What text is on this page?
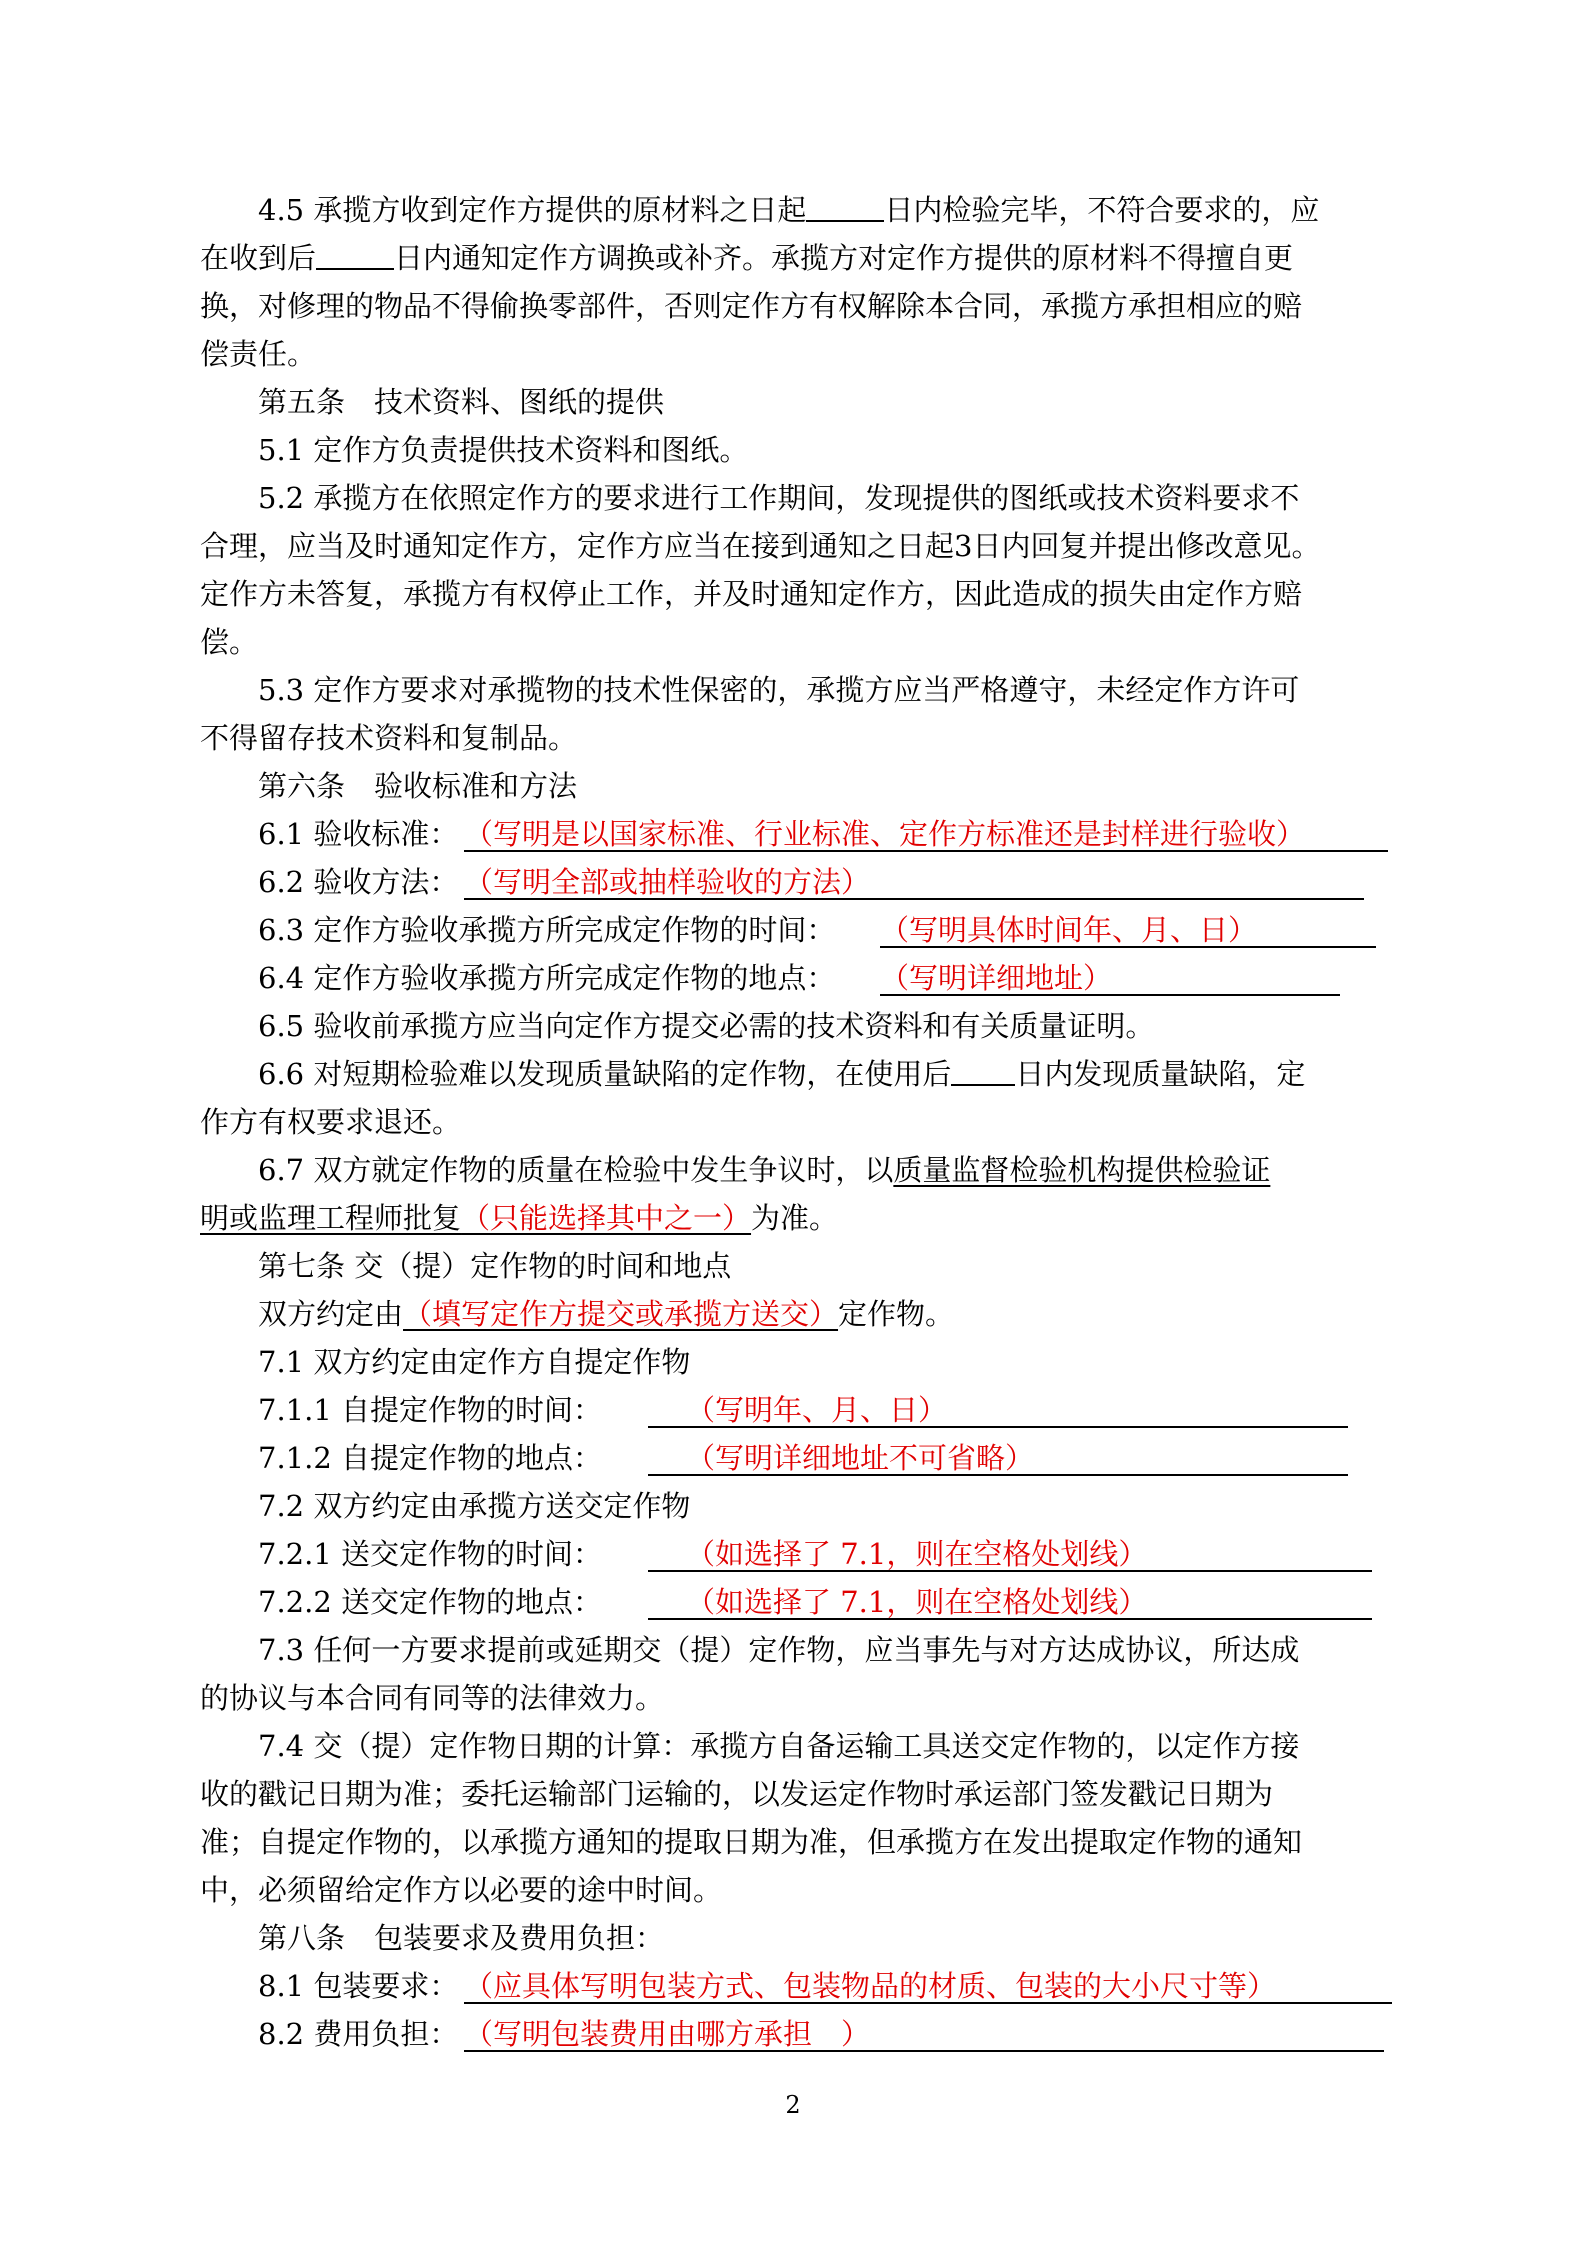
4.5 承揽方收到定作方提供的原材料之日起	日内检验完毕，不符合要求的，应
在收到后	日内通知定作方调换或补齐。承揽方对定作方提供的原材料不得擅自更
换，对修理的物品不得偷换零部件，否则定作方有权解除本合同，承揽方承担相应的赔
偿责任。
第五条　技术资料、图纸的提供
5.1 定作方负责提供技术资料和图纸。
5.2 承揽方在依照定作方的要求进行工作期间，发现提供的图纸或技术资料要求不
合理，应当及时通知定作方，定作方应当在接到通知之日起3日内回复并提出修改意见。
定作方未答复，承揽方有权停止工作，并及时通知定作方，因此造成的损失由定作方赔
偿。
5.3 定作方要求对承揽物的技术性保密的，承揽方应当严格遵守，未经定作方许可
不得留存技术资料和复制品。
第六条　验收标准和方法
6.1 验收标准： （写明是以国家标准、行业标准、定作方标准还是封样进行验收）
6.2 验收方法： （写明全部或抽样验收的方法）
6.3 定作方验收承揽方所完成定作物的时间： （写明具体时间年、月、日）
6.4 定作方验收承揽方所完成定作物的地点： （写明详细地址）
6.5 验收前承揽方应当向定作方提交必需的技术资料和有关质量证明。
6.6 对短期检验难以发现质量缺陷的定作物，在使用后 日内发现质量缺陷，定
作方有权要求退还。
6.7 双方就定作物的质量在检验中发生争议时，以质量监督检验机构提供检验证
明或监理工程师批复（只能选择其中之一）为准。
第七条 交（提）定作物的时间和地点
双方约定由（填写定作方提交或承揽方送交）定作物。
7.1 双方约定由定作方自提定作物
7.1.1 自提定作物的时间：	（写明年、月、日）
7.1.2 自提定作物的地点：	（写明详细地址不可省略）
7.2 双方约定由承揽方送交定作物
7.2.1 送交定作物的时间：	（如选择了 7.1，则在空格处划线）
7.2.2 送交定作物的地点：	（如选择了 7.1，则在空格处划线）
7.3 任何一方要求提前或延期交（提）定作物，应当事先与对方达成协议，所达成
的协议与本合同有同等的法律效力。
7.4 交（提）定作物日期的计算：承揽方自备运输工具送交定作物的，以定作方接
收的戳记日期为准；委托运输部门运输的，以发运定作物时承运部门签发戳记日期为
准；自提定作物的，以承揽方通知的提取日期为准，但承揽方在发出提取定作物的通知
中，必须留给定作方以必要的途中时间。
第八条　包装要求及费用负担：
8.1 包装要求： （应具体写明包装方式、包装物品的材质、包装的大小尺寸等）
8.2 费用负担： （写明包装费用由哪方承担　）
2
